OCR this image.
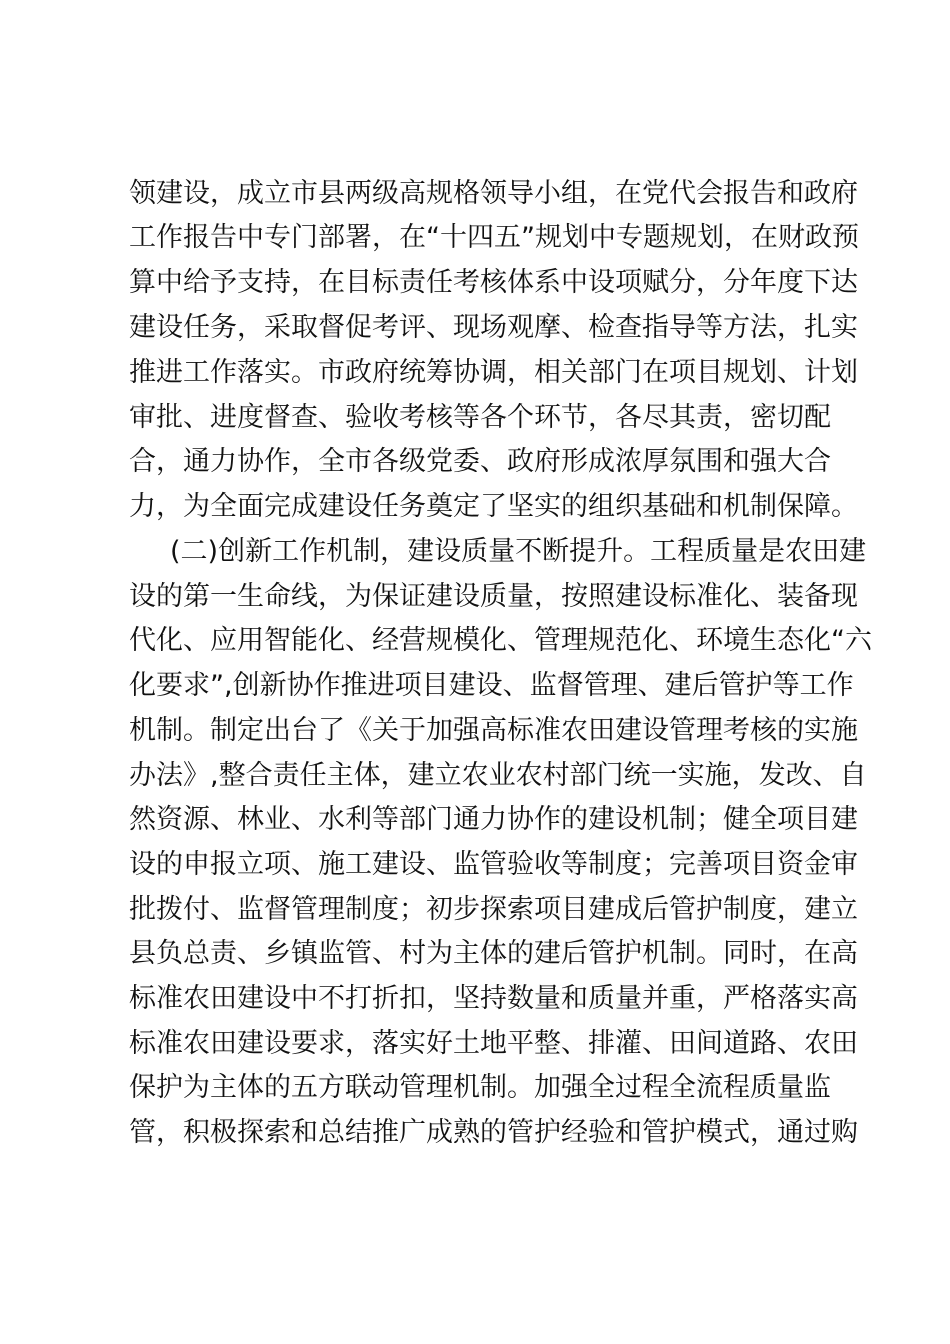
领建设，成立市县两级高规格领导小组，在党代会报告和政府
工作报告中专门部署，在“十四五”规划中专题规划，在财政预
算中给予支持，在目标责任考核体系中设项赋分，分年度下达
建设任务，采取督促考评、现场观摩、检查指导等方法，扎实
推进工作落实。市政府统筹协调，相关部门在项目规划、计划
审批、进度督查、验收考核等各个环节，各尽其责，密切配
合，通力协作，全市各级党委、政府形成浓厚氛围和强大合
力，为全面完成建设任务奠定了坚实的组织基础和机制保障。
(二)创新工作机制，建设质量不断提升。工程质量是农田建
设的第一生命线，为保证建设质量，按照建设标准化、装备现
代化、应用智能化、经营规模化、管理规范化、环境生态化“六
化要求”,创新协作推进项目建设、监督管理、建后管护等工作
机制。制定出台了《关于加强高标准农田建设管理考核的实施
办法》,整合责任主体，建立农业农村部门统一实施，发改、自
然资源、林业、水利等部门通力协作的建设机制；健全项目建
设的申报立项、施工建设、监管验收等制度；完善项目资金审
批拨付、监督管理制度；初步探索项目建成后管护制度，建立
县负总责、乡镇监管、村为主体的建后管护机制。同时，在高
标准农田建设中不打折扣，坚持数量和质量并重，严格落实高
标准农田建设要求，落实好土地平整、排灌、田间道路、农田
保护为主体的五方联动管理机制。加强全过程全流程质量监
管，积极探索和总结推广成熟的管护经验和管护模式，通过购
